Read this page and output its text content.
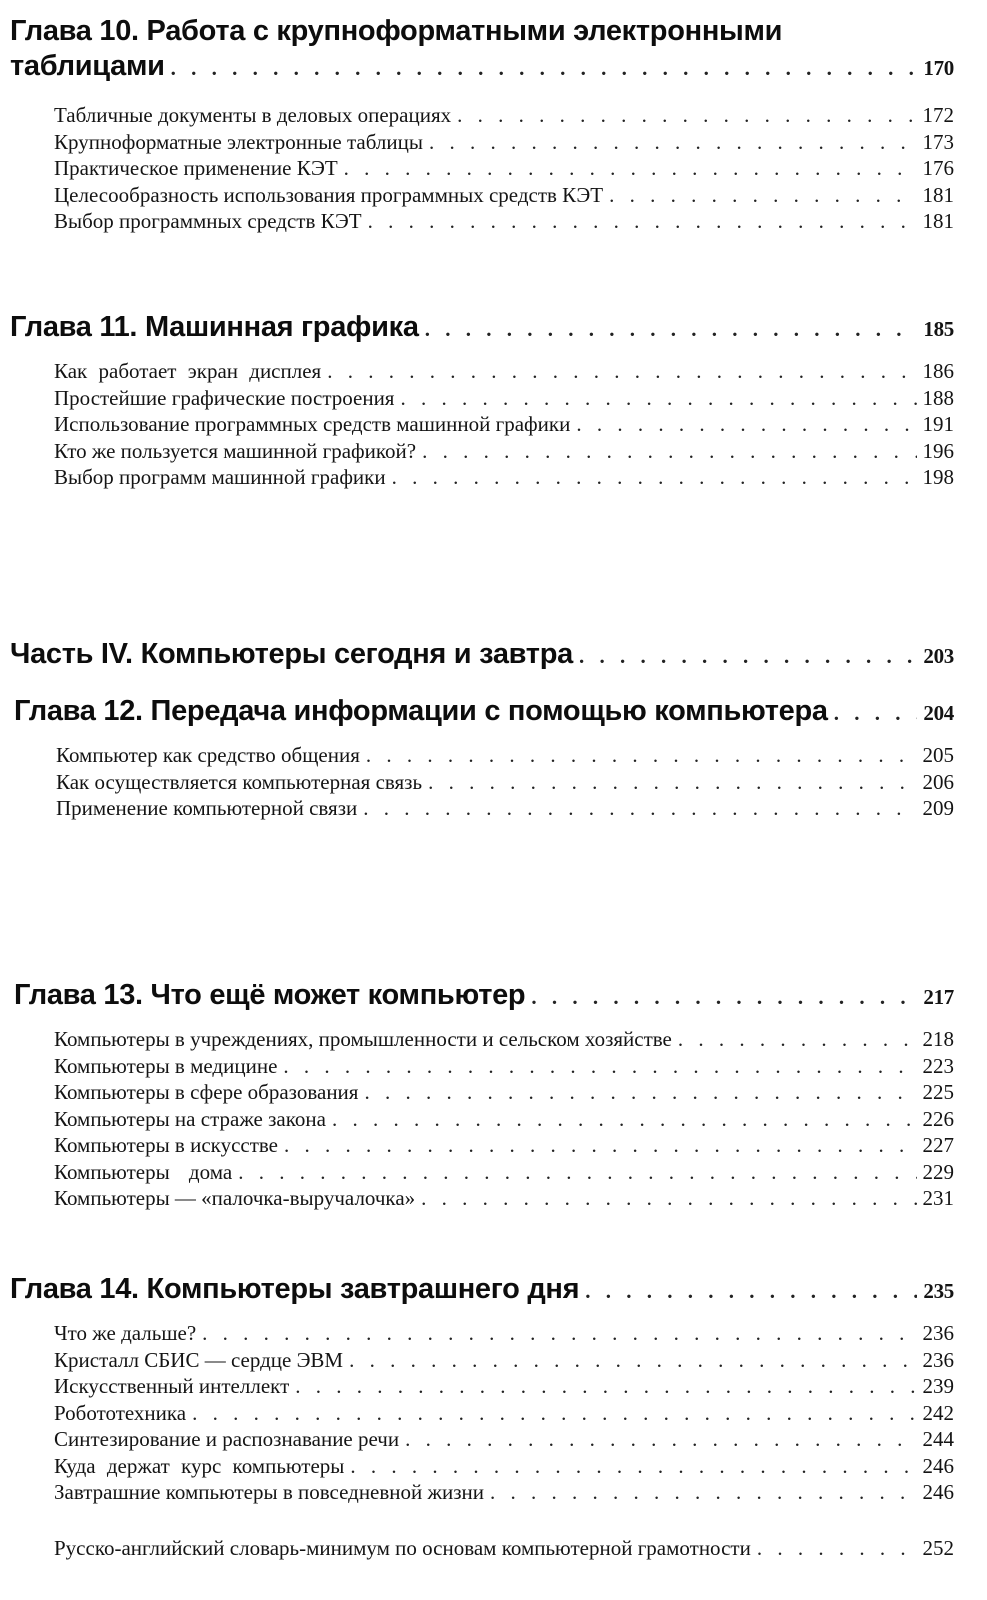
Глава 10. Работа с крупноформатными электронными
таблицами . . .	170
Табличные документы в деловых операциях . . .	172
Крупноформатные электронные таблицы . . .	173
Практическое применение КЭТ . . .	176
Целесообразность использования программных средств КЭТ . . .	181
Выбор программных средств КЭТ . . .	181
Глава 11. Машинная графика . . .	185
Как работает экран дисплея . . .	186
Простейшие графические построения . . .	188
Использование программных средств машинной графики . . .	191
Кто же пользуется машинной графикой? . . .	196
Выбор программ машинной графики . . .	198
Часть IV. Компьютеры сегодня и завтра . . .	203
Глава 12. Передача информации с помощью компьютера . . .	204
Компьютер как средство общения . . .	205
Как осуществляется компьютерная связь . . .	206
Применение компьютерной связи . . .	209
Глава 13. Что ещё может компьютер . . .	217
Компьютеры в учреждениях, промышленности и сельском хозяйстве . . .	218
Компьютеры в медицине . . .	223
Компьютеры в сфере образования . . .	225
Компьютеры на страже закона . . .	226
Компьютеры в искусстве . . .	227
Компьютеры дома . . .	229
Компьютеры — «палочка-выручалочка» . . .	231
Глава 14. Компьютеры завтрашнего дня . . .	235
Что же дальше? . . .	236
Кристалл СБИС — сердце ЭВМ . . .	236
Искусственный интеллект . . .	239
Робототехника . . .	242
Синтезирование и распознавание речи . . .	244
Куда держат курс компьютеры . . .	246
Завтрашние компьютеры в повседневной жизни . . .	246
Русско-английский словарь-минимум по основам компьютерной грамотности . . .	252
